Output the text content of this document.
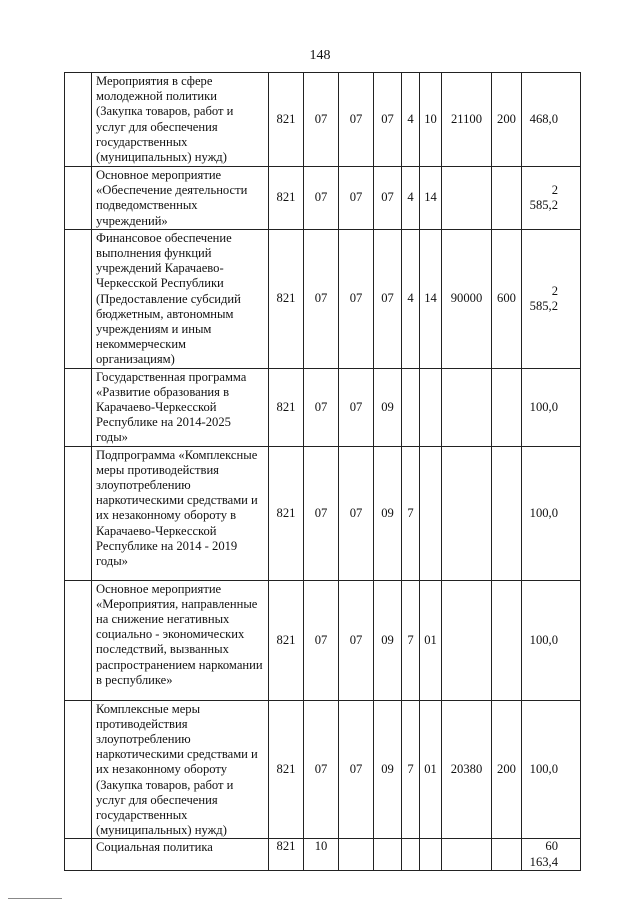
148
	Мероприятия в сфере молодежной политики (Закупка товаров, работ и услуг для обеспечения государственных (муниципальных) нужд)	821	07	07	07	4	10	21100	200	468,0
	Основное мероприятие «Обеспечение деятельности подведомственных учреждений»	821	07	07	07	4	14			2 585,2
	Финансовое обеспечение выполнения функций учреждений Карачаево-Черкесской Республики (Предоставление субсидий бюджетным, автономным учреждениям и иным некоммерческим организациям)	821	07	07	07	4	14	90000	600	2 585,2
	Государственная программа «Развитие образования в Карачаево-Черкесской Республике на 2014-2025 годы»	821	07	07	09					100,0
	Подпрограмма «Комплексные меры противодействия злоупотреблению наркотическими средствами и их незаконному обороту в Карачаево-Черкесской Республике на 2014 - 2019 годы»	821	07	07	09	7				100,0
	Основное мероприятие «Мероприятия, направленные на снижение негативных социально - экономических последствий, вызванных распространением наркомании в республике»	821	07	07	09	7	01			100,0
	Комплексные меры противодействия злоупотреблению наркотическими средствами и их незаконному обороту (Закупка товаров, работ и услуг для обеспечения государственных (муниципальных) нужд)	821	07	07	09	7	01	20380	200	100,0
	Социальная политика	821	10							60 163,4
